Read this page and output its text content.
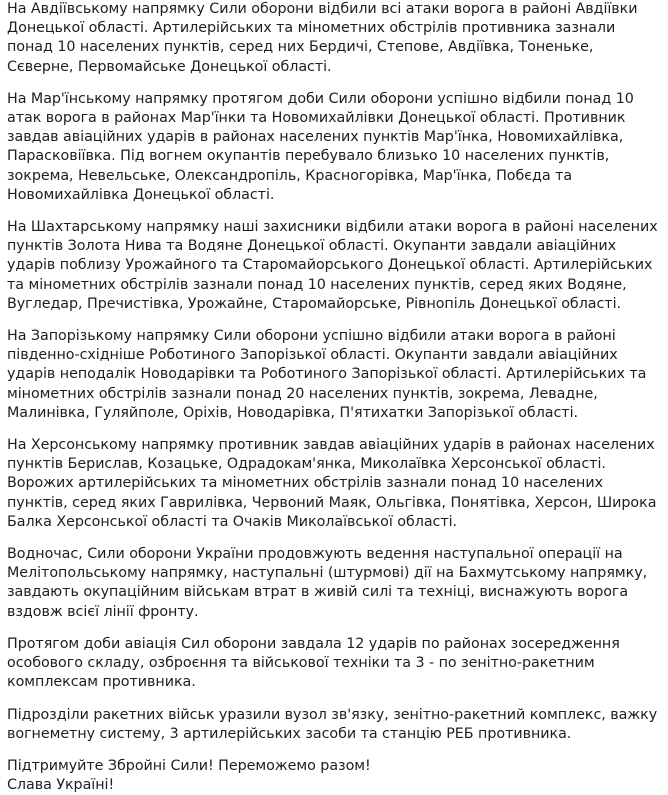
На Авдіївському напрямку Сили оборони відбили всі атаки ворога в районі Авдіївки Донецької області. Артилерійських та мінометних обстрілів противника зазнали понад 10 населених пунктів, серед них Бердичі, Степове, Авдіївка, Тоненьке, Сєверне, Первомайське Донецької області.

На Мар'їнському напрямку протягом доби Сили оборони успішно відбили понад 10 атак ворога в районах Мар'їнки та Новомихайлівки Донецької області. Противник завдав авіаційних ударів в районах населених пунктів Мар'їнка, Новомихайлівка, Парасковіївка. Під вогнем окупантів перебувало близько 10 населених пунктів, зокрема, Невельське, Олександропіль, Красногорівка, Мар'їнка, Побєда та Новомихайлівка Донецької області.

На Шахтарському напрямку наші захисники відбили атаки ворога в районі населених пунктів Золота Нива та Водяне Донецької області. Окупанти завдали авіаційних ударів поблизу Урожайного та Старомайорського Донецької області. Артилерійських та мінометних обстрілів зазнали понад 10 населених пунктів, серед яких Водяне, Вугледар, Пречистівка, Урожайне, Старомайорське, Рівнопіль Донецької області.

На Запорізькому напрямку Сили оборони успішно відбили атаки ворога в районі південно-східніше Роботиного Запорізької області. Окупанти завдали авіаційних ударів неподалік Новодарівки та Роботиного Запорізької області. Артилерійських та мінометних обстрілів зазнали понад 20 населених пунктів, зокрема, Левадне, Малинівка, Гуляйполе, Оріхів, Новодарівка, П'ятихатки Запорізької області.

На Херсонському напрямку противник завдав авіаційних ударів в районах населених пунктів Берислав, Козацьке, Одрадокам'янка, Миколаївка Херсонської області. Ворожих артилерійських та мінометних обстрілів зазнали понад 10 населених пунктів, серед яких Гаврилівка, Червоний Маяк, Ольгівка, Понятівка, Херсон, Широка Балка Херсонської області та Очаків Миколаївської області.

Водночас, Сили оборони України продовжують ведення наступальної операції на Мелітопольському напрямку, наступальні (штурмові) дії на Бахмутському напрямку, завдають окупаційним військам втрат в живій силі та техніці, виснажують ворога вздовж всієї лінії фронту.

Протягом доби авіація Сил оборони завдала 12 ударів по районах зосередження особового складу, озброєння та військової техніки та 3 - по зенітно-ракетним комплексам противника.

Підрозділи ракетних військ уразили вузол зв'язку, зенітно-ракетний комплекс, важку вогнеметну систему, 3 артилерійських засоби та станцію РЕБ противника.

Підтримуйте Збройні Сили! Переможемо разом!
Слава Україні!
